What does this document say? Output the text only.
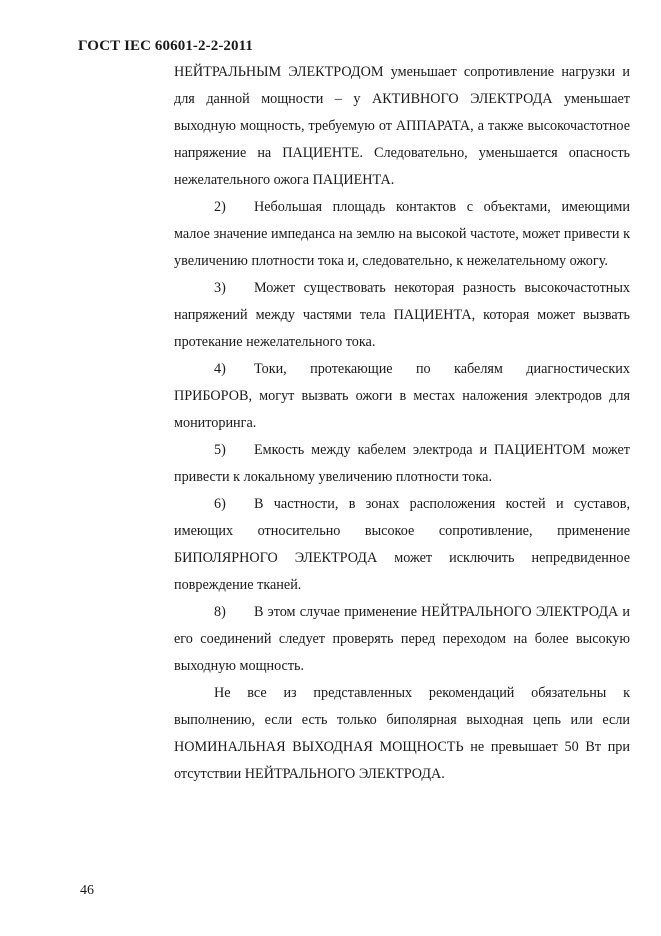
ГОСТ IEC 60601-2-2-2011

НЕЙТРАЛЬНЫМ ЭЛЕКТРОДОМ уменьшает сопротивление нагрузки и для данной мощности – у АКТИВНОГО ЭЛЕКТРОДА уменьшает выходную мощность, требуемую от АППАРАТА, а также высокочастотное напряжение на ПАЦИЕНТЕ. Следовательно, уменьшается опасность нежелательного ожога ПАЦИЕНТА.

2) Небольшая площадь контактов с объектами, имеющими малое значение импеданса на землю на высокой частоте, может привести к увеличению плотности тока и, следовательно, к нежелательному ожогу.

3) Может существовать некоторая разность высокочастотных напряжений между частями тела ПАЦИЕНТА, которая может вызвать протекание нежелательного тока.

4) Токи, протекающие по кабелям диагностических ПРИБОРОВ, могут вызвать ожоги в местах наложения электродов для мониторинга.

5) Емкость между кабелем электрода и ПАЦИЕНТОМ может привести к локальному увеличению плотности тока.

6) В частности, в зонах расположения костей и суставов, имеющих относительно высокое сопротивление, применение БИПОЛЯРНОГО ЭЛЕКТРОДА может исключить непредвиденное повреждение тканей.

8) В этом случае применение НЕЙТРАЛЬНОГО ЭЛЕКТРОДА и его соединений следует проверять перед переходом на более высокую выходную мощность.

Не все из представленных рекомендаций обязательны к выполнению, если есть только биполярная выходная цепь или если НОМИНАЛЬНАЯ ВЫХОДНАЯ МОЩНОСТЬ не превышает 50 Вт при отсутствии НЕЙТРАЛЬНОГО ЭЛЕКТРОДА.

46
